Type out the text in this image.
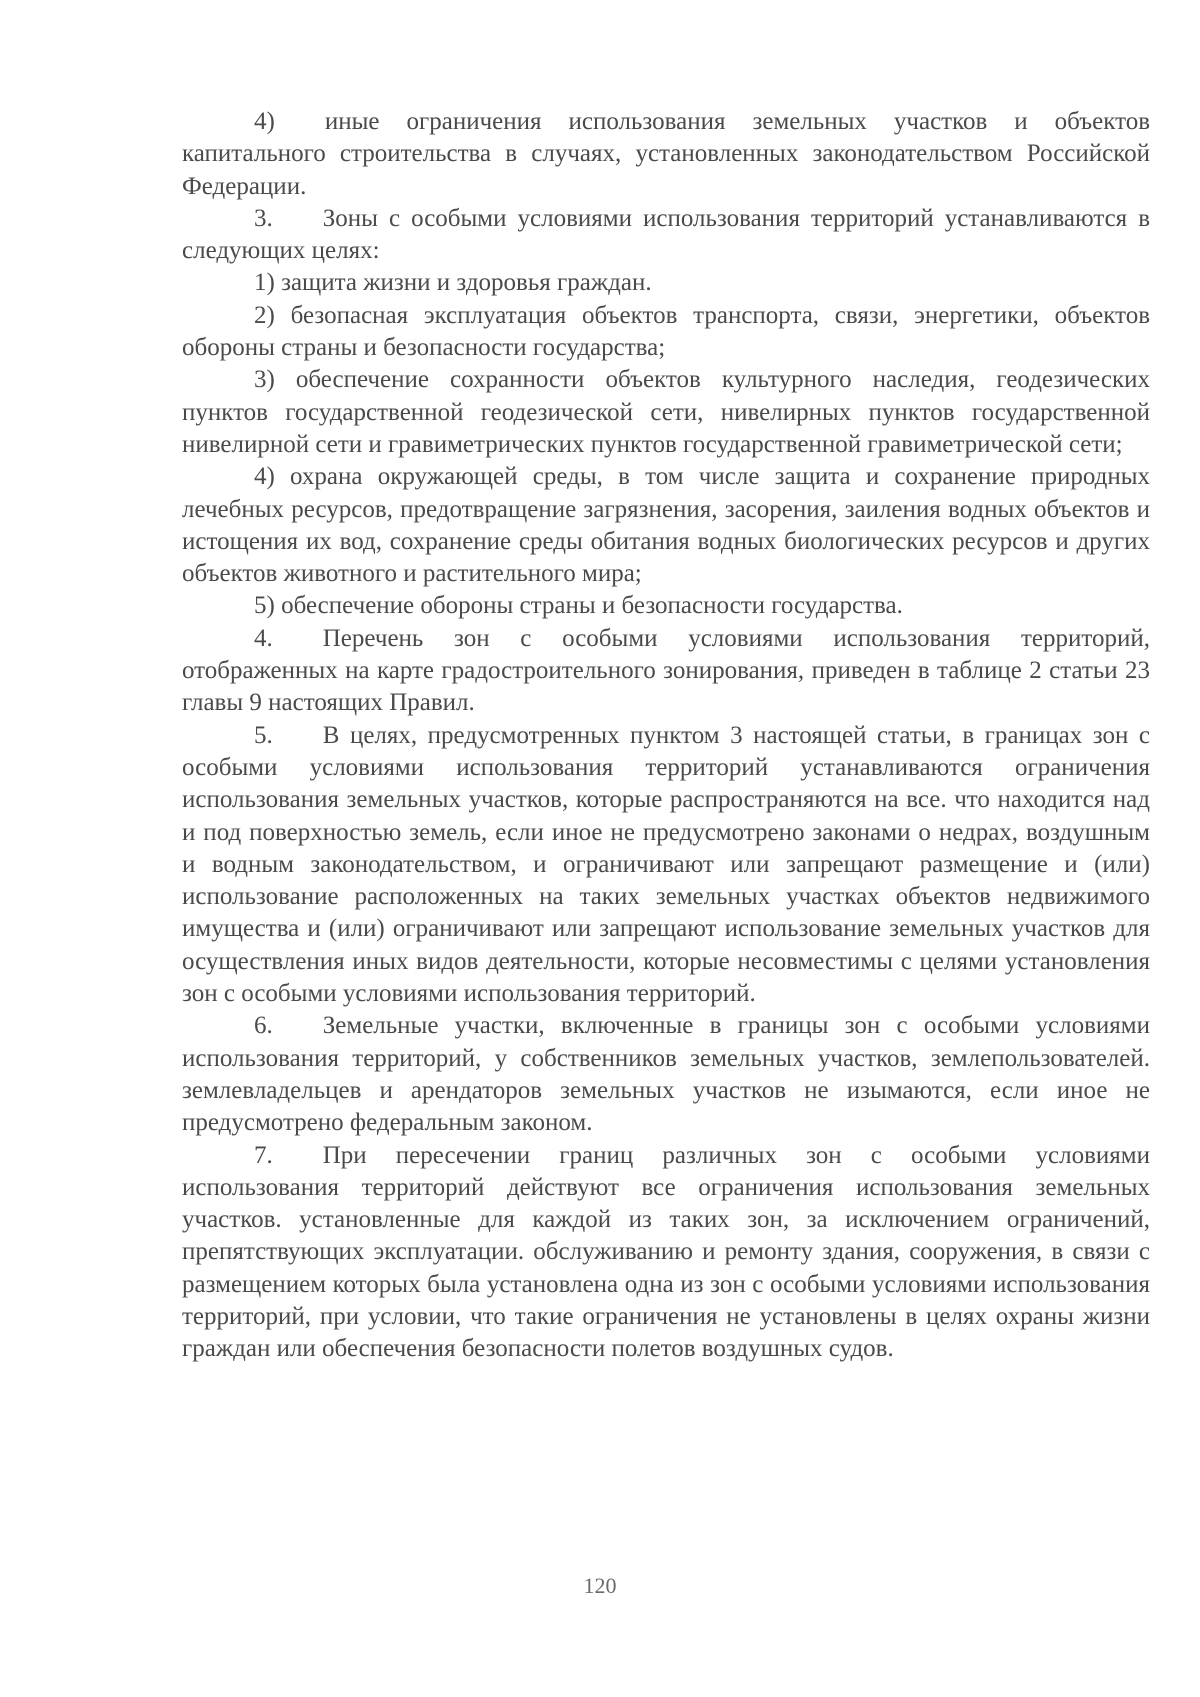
4)  иные ограничения использования земельных участков и объектов капитального строительства в случаях, установленных законодательством Российской Федерации.

3.  Зоны с особыми условиями использования территорий устанавливаются в следующих целях:

1) защита жизни и здоровья граждан.

2) безопасная эксплуатация объектов транспорта, связи, энергетики, объектов обороны страны и безопасности государства;

3) обеспечение сохранности объектов культурного наследия, геодезических пунктов государственной геодезической сети, нивелирных пунктов государственной нивелирной сети и гравиметрических пунктов государственной гравиметрической сети;

4) охрана окружающей среды, в том числе защита и сохранение природных лечебных ресурсов, предотвращение загрязнения, засорения, заиления водных объектов и истощения их вод, сохранение среды обитания водных биологических ресурсов и других объектов животного и растительного мира;

5) обеспечение обороны страны и безопасности государства.

4.  Перечень зон с особыми условиями использования территорий, отображенных на карте градостроительного зонирования, приведен в таблице 2 статьи 23 главы 9 настоящих Правил.

5.  В целях, предусмотренных пунктом 3 настоящей статьи, в границах зон с особыми условиями использования территорий устанавливаются ограничения использования земельных участков, которые распространяются на все. что находится над и под поверхностью земель, если иное не предусмотрено законами о недрах, воздушным и водным законодательством, и ограничивают или запрещают размещение и (или) использование расположенных на таких земельных участках объектов недвижимого имущества и (или) ограничивают или запрещают использование земельных участков для осуществления иных видов деятельности, которые несовместимы с целями установления зон с особыми условиями использования территорий.

6.  Земельные участки, включенные в границы зон с особыми условиями использования территорий, у собственников земельных участков, землепользователей. землевладельцев и арендаторов земельных участков не изымаются, если иное не предусмотрено федеральным законом.

7.  При пересечении границ различных зон с особыми условиями использования территорий действуют все ограничения использования земельных участков. установленные для каждой из таких зон, за исключением ограничений, препятствующих эксплуатации. обслуживанию и ремонту здания, сооружения, в связи с размещением которых была установлена одна из зон с особыми условиями использования территорий, при условии, что такие ограничения не установлены в целях охраны жизни граждан или обеспечения безопасности полетов воздушных судов.

120
